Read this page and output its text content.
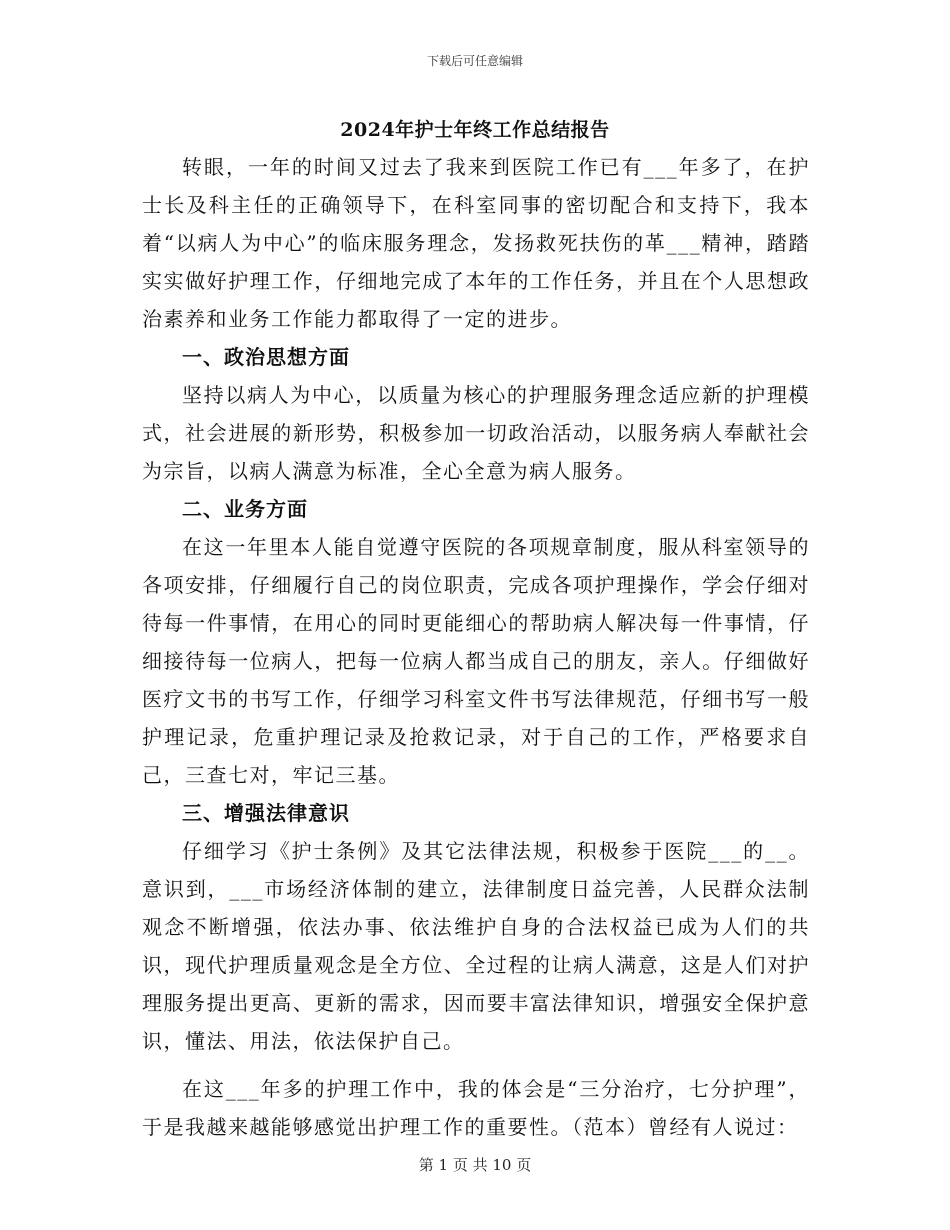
下载后可任意编辑
2024年护士年终工作总结报告

转眼，一年的时间又过去了我来到医院工作已有___年多了，在护士长及科主任的正确领导下，在科室同事的密切配合和支持下，我本着“以病人为中心”的临床服务理念，发扬救死扶伤的革___精神，踏踏实实做好护理工作，仔细地完成了本年的工作任务，并且在个人思想政治素养和业务工作能力都取得了一定的进步。

一、政治思想方面

坚持以病人为中心，以质量为核心的护理服务理念适应新的护理模式，社会进展的新形势，积极参加一切政治活动，以服务病人奉献社会为宗旨，以病人满意为标准，全心全意为病人服务。

二、业务方面

在这一年里本人能自觉遵守医院的各项规章制度，服从科室领导的各项安排，仔细履行自己的岗位职责，完成各项护理操作，学会仔细对待每一件事情，在用心的同时更能细心的帮助病人解决每一件事情，仔细接待每一位病人，把每一位病人都当成自己的朋友，亲人。仔细做好医疗文书的书写工作，仔细学习科室文件书写法律规范，仔细书写一般护理记录，危重护理记录及抢救记录，对于自己的工作，严格要求自己，三查七对，牢记三基。

三、增强法律意识

仔细学习《护士条例》及其它法律法规，积极参于医院___的__。意识到，___市场经济体制的建立，法律制度日益完善，人民群众法制观念不断增强，依法办事、依法维护自身的合法权益已成为人们的共识，现代护理质量观念是全方位、全过程的让病人满意，这是人们对护理服务提出更高、更新的需求，因而要丰富法律知识，增强安全保护意识，懂法、用法，依法保护自己。

在这___年多的护理工作中，我的体会是“三分治疗，七分护理”，于是我越来越能够感觉出护理工作的重要性。（范本）曾经有人说过：

第 1 页 共 10 页
